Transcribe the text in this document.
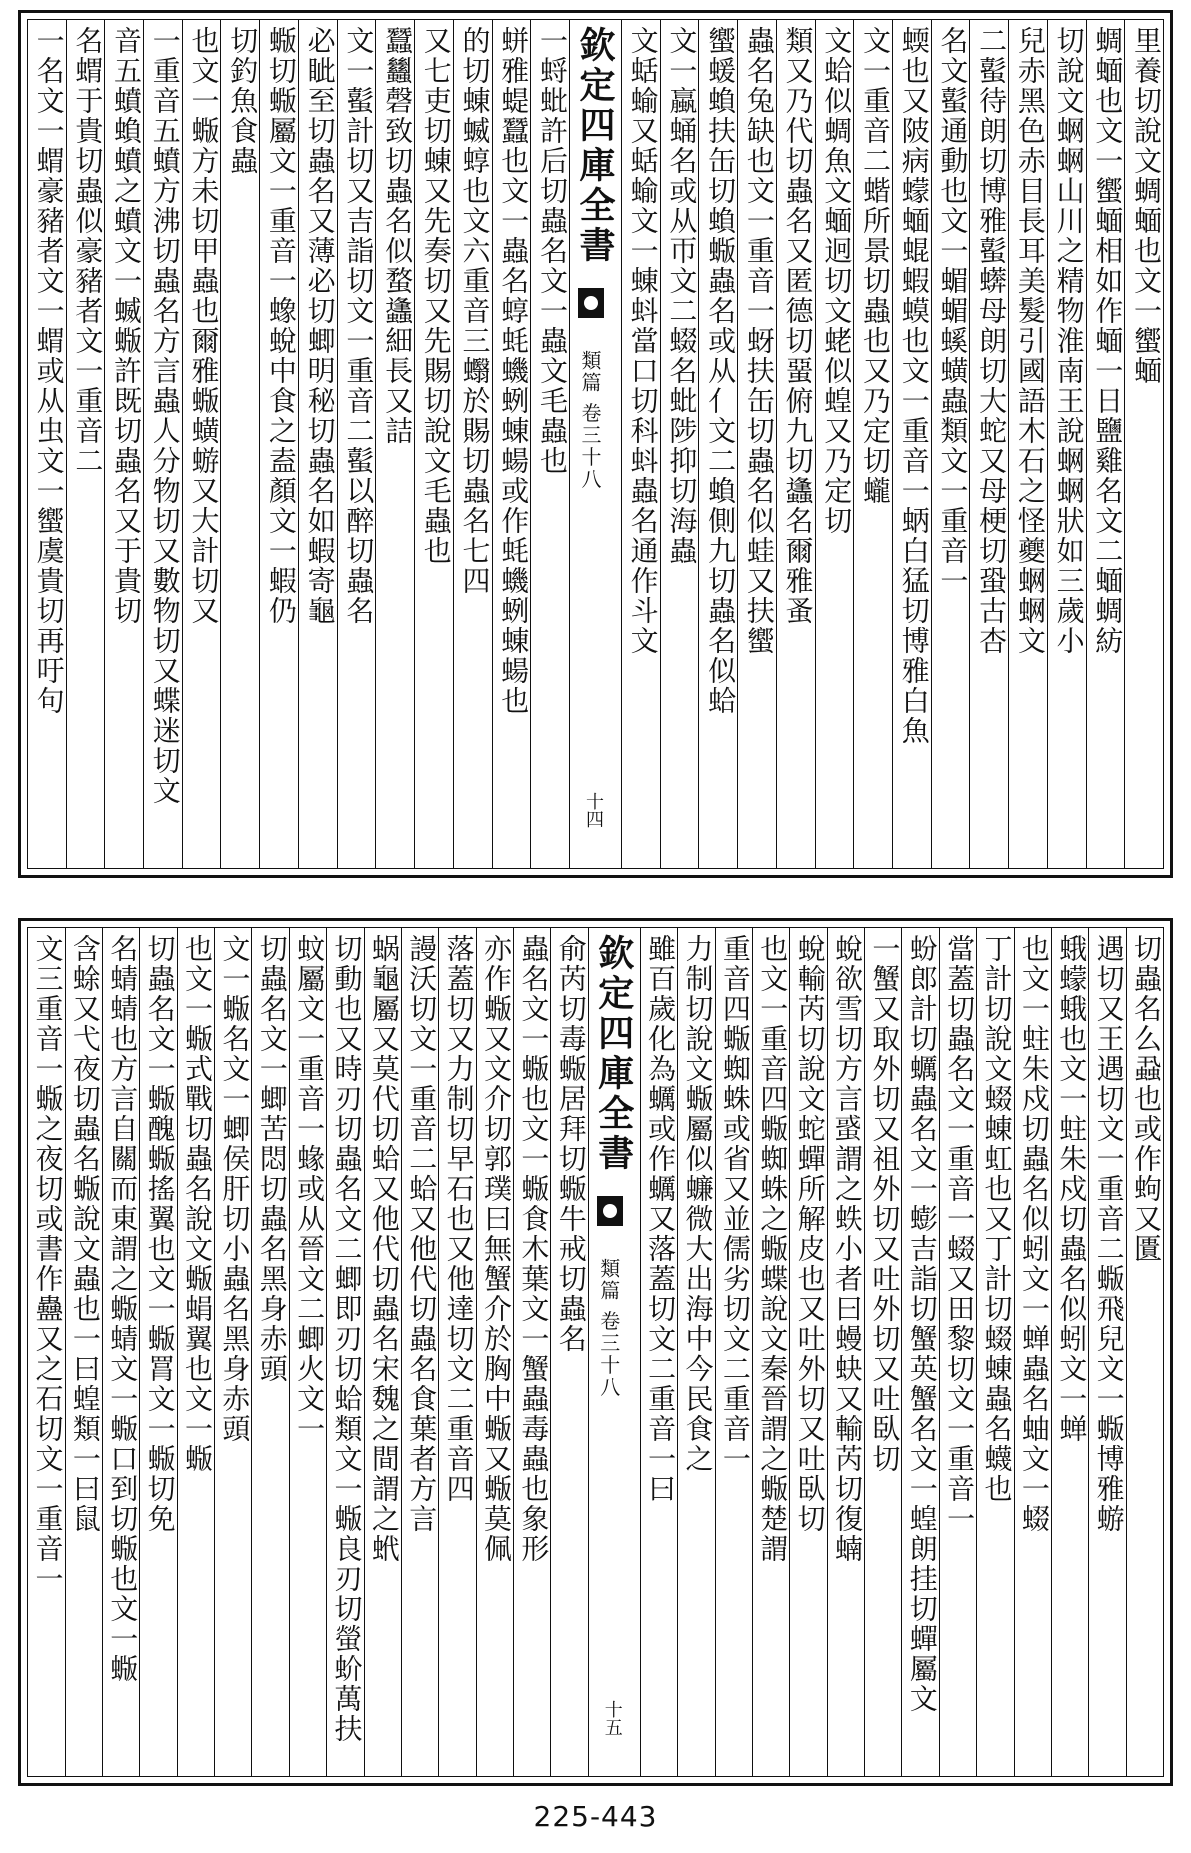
里養切說文蜩蝒也文一蠁蝒
蜩蝒也文一蠁蝒相如作蝒一日鹽雞名文二蝒蜩紡
切說文蛧蛧山川之精物淮南王說蛧蛧狀如三歲小
兒赤黑色赤目長耳美髮引國語木石之怪夔蛧蛧文
二蟚待朗切博雅蟚蠎母朗切大蛇又母梗切蛩古杏
名文蟚通動也文一蝞蝞螇蟥蟲類文一重音一
蝡也又陂病蠓蝒蜫蝦蟆也文一重音一蛃白猛切博雅白魚
文一重音二蝔所景切蟲也又乃定切蠬
文蛤似蜩魚文蝒迥切文蛯似蝗又乃定切
類又乃代切蟲名又匿德切蝁俯九切蠭名爾雅蚤
蟲名兔缺也文一重音一蚜扶缶切蟲名似蛙又扶蠁
蠁蝯蝜扶缶切蝜蝂蟲名或从亻文二蝜側九切蟲名似蛤
文一蠃蛹名或从帀文二蝃名蚍陟抑切海蟲
文蛞蝓又蛞蝓文一蝀蚪當口切科蚪蟲名通作斗文
欽定四庫全書
類篇 卷三十八
十四
一蛶蚍許后切蟲名文一蟲文毛蟲也
蛢雅蝭蠶也文一蟲名蜳蚝蟣蛚蝀蝪或作蚝蟣蛚蝀蝪也
的切蝀蝛蜳也文六重音三蠮於賜切蟲名七四
又七吏切蝀又先奏切又先賜切說文毛蟲也
蠶蠿磬致切蟲名似蝥蠭細長又詰
文一蟚計切又吉詣切文一重音二蟚以醉切蟲名
必眦至切蟲名又薄必切蝍明秘切蟲名如蝦寄龜
蝂切蝂屬文一重音一蟓蛻中食之盍顏文一蝦仍
切釣魚食蟲
也文一蝂方未切甲蟲也爾雅蝂蟥蝣又大計切又
一重音五蟦方沸切蟲名方言蟲人分物切又數物切又蝶迷切文
音五蟦蝜蟦之蟦文一蝛蝂許既切蟲名又于貴切
名蝟于貴切蟲似豪豬者文一重音二
一名文一蝟豪豬者文一蝟或从虫文一蠁虞貴切再吁句
切蟲名么蝨也或作蚼又匱
遇切又王遇切文一重音二蝂飛兒文一蝂博雅蝣
蛾蠓蛾也文一蛀朱戍切蟲名似蚓文一蝉
也文一蛀朱戍切蟲名似蚓文一蝉蟲名蚰文一蝃
丁計切說文蝃蝀虹也又丁計切蝃蝀蟲名蠛也
當蓋切蟲名文一重音一蝃又田黎切文一重音一
蚡郎計切蠣蟲名文一蟛吉詣切蟹英蟹名文一蝗朗挂切蟬屬文
一蟹又取外切又祖外切又吐外切又吐臥切
蛻欲雪切方言𧌒謂之蛈小者曰蟃蚗又輸芮切復蝻
蛻輸芮切說文蛇蟬所解皮也又吐外切又吐臥切
也文一重音四蝂蜘蛛之蝂蝶說文秦晉謂之蝂楚謂
重音四蝂蜘蛛或省又並儒劣切文二重音一
力制切說文蝂屬似蠊微大出海中今民食之
雖百歲化為蠣或作蠣又落蓋切文二重音一曰
欽定四庫全書
類篇 卷三十八
十五
俞芮切毒蝂居拜切蝂牛戒切蟲名
蟲名文一蝂也文一蝂食木葉文一蟹蟲毒蟲也象形
亦作蝂又文介切郭璞曰無蟹介於胸中蝂又蝂莫佩
落蓋切又力制切早石也又他達切文二重音四
謾沃切文一重音二蛤又他代切蟲名食葉者方言
蜗龜屬又莫代切蛤又他代切蟲名宋魏之間謂之蚮
切動也又時刃切蟲名文二蝍即刃切蛤類文一蝂良刃切螢蚧萬扶
蚊屬文一重音一蝝或从晉文二蝍火文一
切蟲名文一蝍苦悶切蟲名黑身赤頭
文一蝂名文一蝍侯肝切小蟲名黑身赤頭
也文一蝂式戰切蟲名說文蝂蜎翼也文一蝂
切蟲名文一蝂醜蝂搖翼也文一蝂罥文一蝂切免
名蜻蜻也方言自關而東謂之蝂蜻文一蝂口到切蝂也文一蝂
含蜍又弋夜切蟲名蝂說文蟲也一曰蝗類一曰鼠
文三重音一蝂之夜切或書作蠱又之石切文一重音一
225-443
